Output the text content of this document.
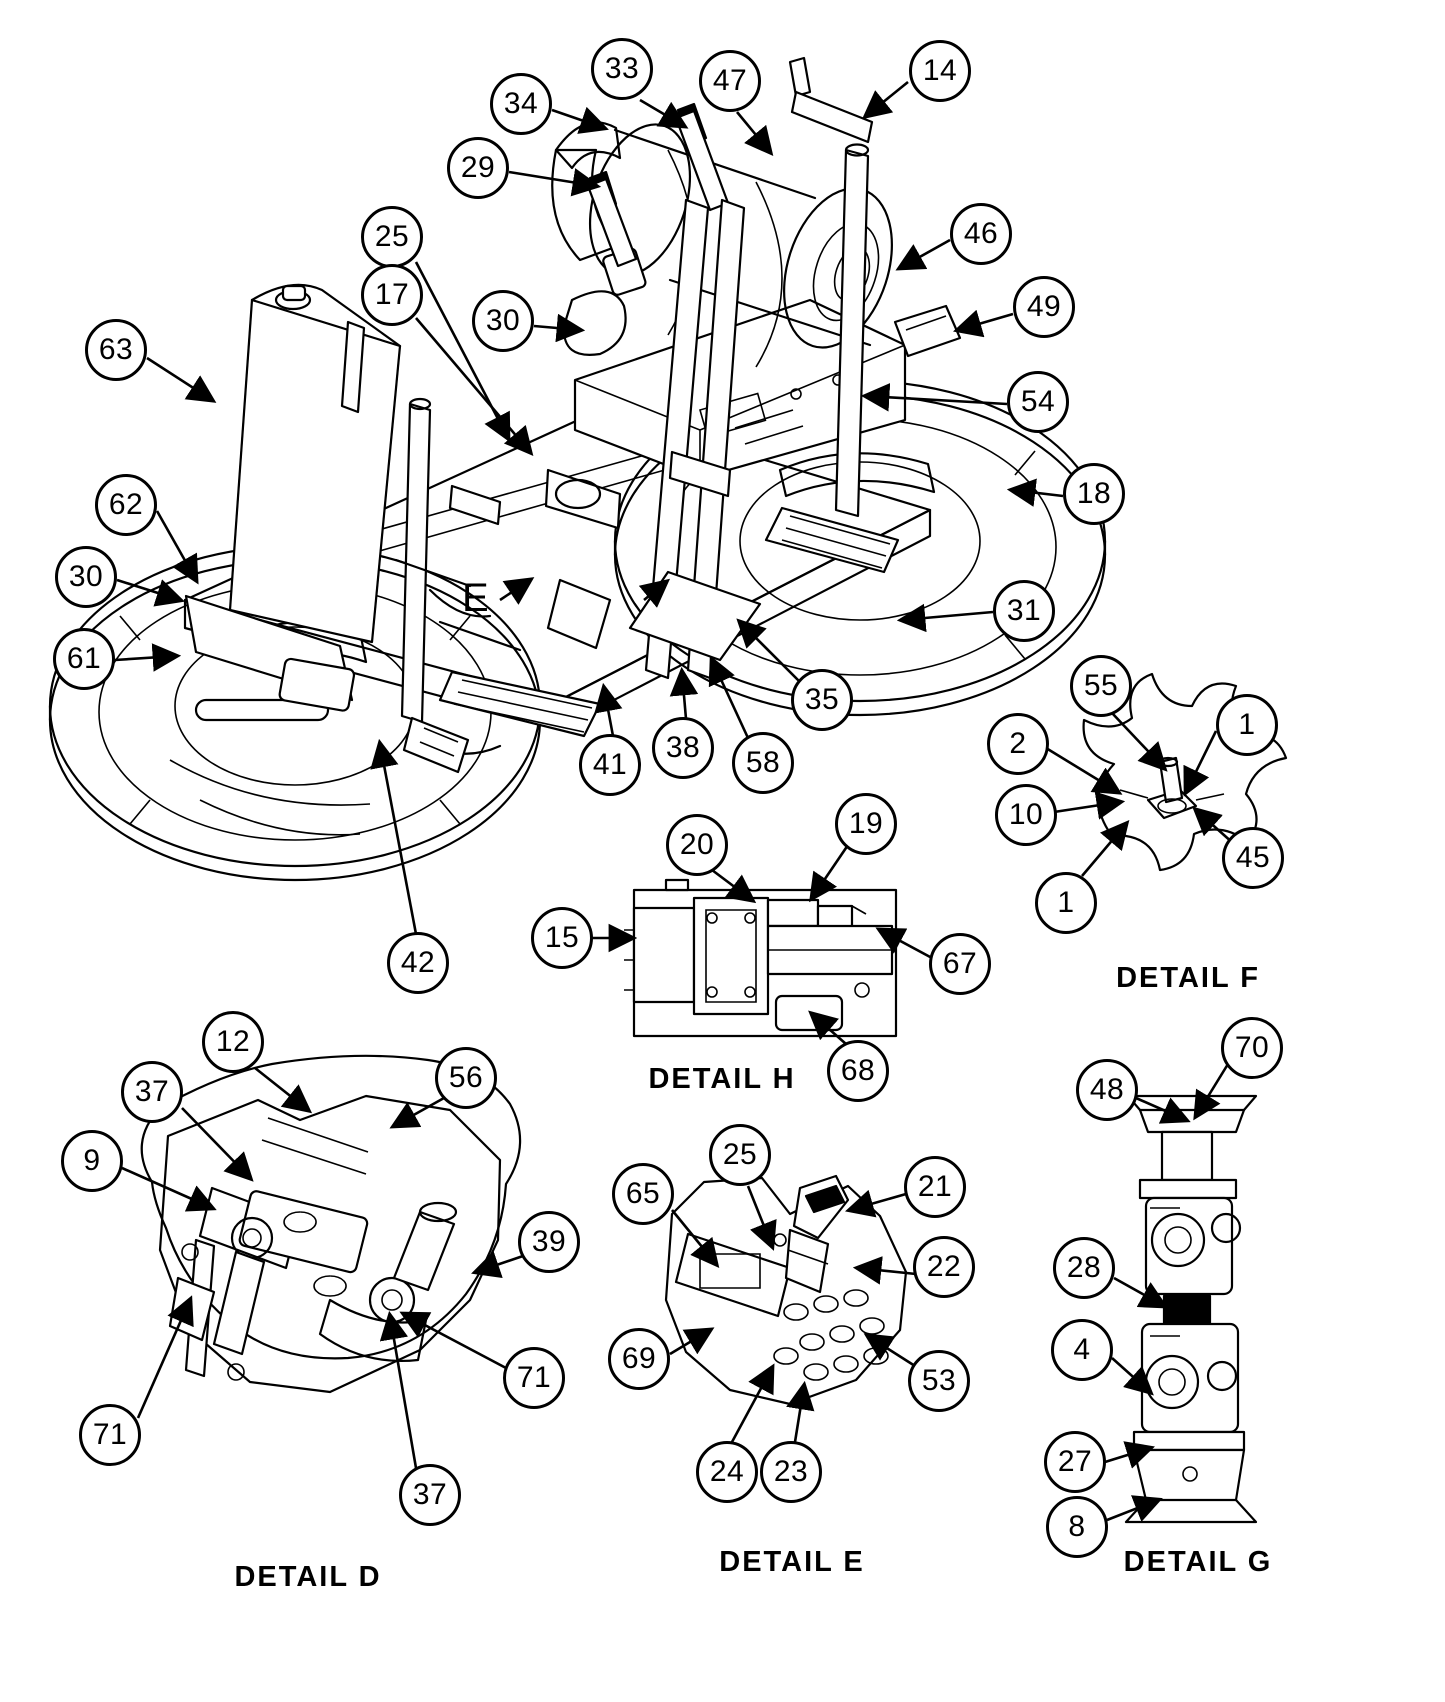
33	47	14
34
29
46
25
17	49
30
63
54
18
62
31
30
61
35
41
38	58
42
55
1
2
10
45
1
19
20
15
67
68
12
56
37
9
39
71
71
37
25
21
65
22
69
53
24 23
70
48
28
4
27
8
DETAIL F
DETAIL H
DETAIL D	DETAIL E	DETAIL G
E
